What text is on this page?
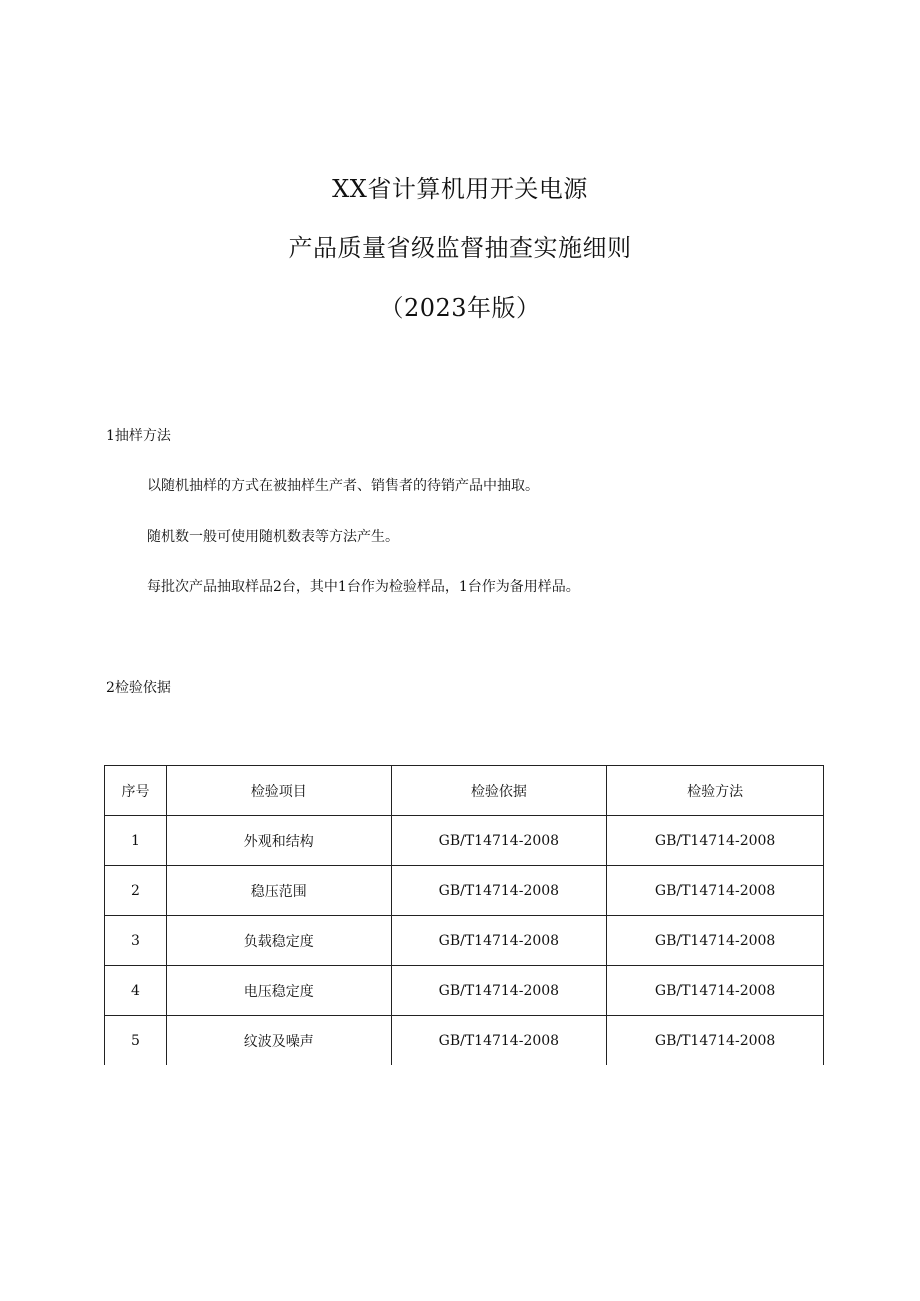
XX省计算机用开关电源
产品质量省级监督抽查实施细则
（2023年版）
1抽样方法

以随机抽样的方式在被抽样生产者、销售者的待销产品中抽取。

随机数一般可使用随机数表等方法产生。

每批次产品抽取样品2台，其中1台作为检验样品，1台作为备用样品。

2检验依据
序号	检验项目	检验依据	检验方法
1	外观和结构	GB/T14714-2008	GB/T14714-2008
2	稳压范围	GB/T14714-2008	GB/T14714-2008
3	负载稳定度	GB/T14714-2008	GB/T14714-2008
4	电压稳定度	GB/T14714-2008	GB/T14714-2008
5	纹波及噪声	GB/T14714-2008	GB/T14714-2008
